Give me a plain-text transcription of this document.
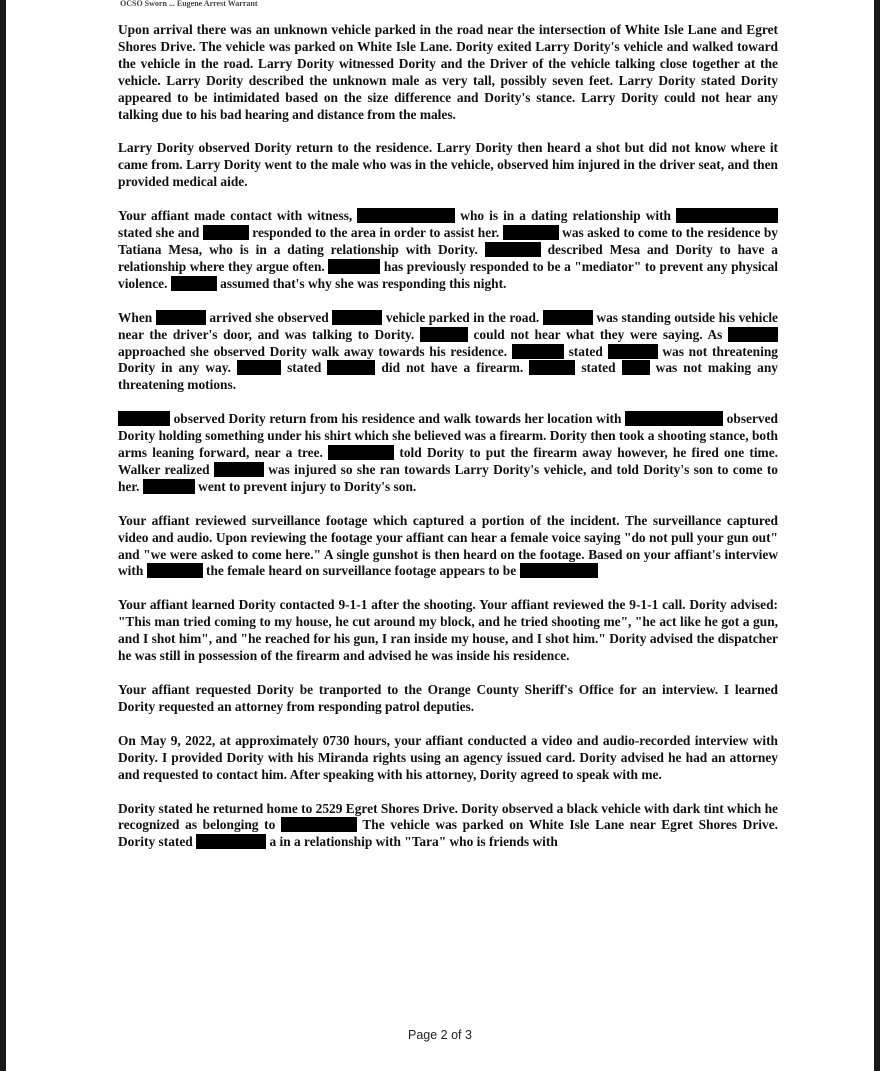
OCSO Sworn ... Eugene Arrest Warrant

Upon arrival there was an unknown vehicle parked in the road near the intersection of White Isle Lane and Egret Shores Drive. The vehicle was parked on White Isle Lane. Dority exited Larry Dority's vehicle and walked toward the vehicle in the road. Larry Dority witnessed Dority and the Driver of the vehicle talking close together at the vehicle. Larry Dority described the unknown male as very tall, possibly seven feet. Larry Dority stated Dority appeared to be intimidated based on the size difference and Dority's stance. Larry Dority could not hear any talking due to his bad hearing and distance from the males.

Larry Dority observed Dority return to the residence. Larry Dority then heard a shot but did not know where it came from. Larry Dority went to the male who was in the vehicle, observed him injured in the driver seat, and then provided medical aide.

Your affiant made contact with witness,	who is in a dating relationship with  stated she and	responded to the area in order to assist her.	was asked to come to the residence by Tatiana Mesa, who is in a dating relationship with Dority.	described Mesa and Dority to have a relationship where they argue often.	has previously responded to be a "mediator" to prevent any physical violence.	assumed that's why she was responding this night.

When	arrived she observed	vehicle parked in the road.	was standing outside his vehicle near the driver's door, and was talking to Dority.	could not hear what they were saying. As  approached she observed Dority walk away towards his residence.	stated	was not threatening Dority in any way.	stated	did not have a firearm.	stated  was not making any threatening motions.

observed Dority return from his residence and walk towards her location with	observed Dority holding something under his shirt which she believed was a firearm. Dority then took a shooting stance, both arms leaning forward, near a tree.	told Dority to put the firearm away however, he fired one time. Walker realized	was injured so she ran towards Larry Dority's vehicle, and told Dority's son to come to her.	went to prevent injury to Dority's son.

Your affiant reviewed surveillance footage which captured a portion of the incident. The surveillance captured video and audio. Upon reviewing the footage your affiant can hear a female voice saying "do not pull your gun out" and "we were asked to come here." A single gunshot is then heard on the footage. Based on your affiant's interview with	the female heard on surveillance footage appears to be

Your affiant learned Dority contacted 9-1-1 after the shooting. Your affiant reviewed the 9-1-1 call. Dority advised: "This man tried coming to my house, he cut around my block, and he tried shooting me", "he act like he got a gun, and I shot him", and "he reached for his gun, I ran inside my house, and I shot him." Dority advised the dispatcher he was still in possession of the firearm and advised he was inside his residence.

Your affiant requested Dority be tranported to the Orange County Sheriff's Office for an interview. I learned Dority requested an attorney from responding patrol deputies.

On May 9, 2022, at approximately 0730 hours, your affiant conducted a video and audio-recorded interview with Dority. I provided Dority with his Miranda rights using an agency issued card. Dority advised he had an attorney and requested to contact him. After speaking with his attorney, Dority agreed to speak with me.

Dority stated he returned home to 2529 Egret Shores Drive. Dority observed a black vehicle with dark tint which he recognized as belonging to	The vehicle was parked on White Isle Lane near Egret Shores Drive. Dority stated	a in a relationship with "Tara" who is friends with

Page 2 of 3
